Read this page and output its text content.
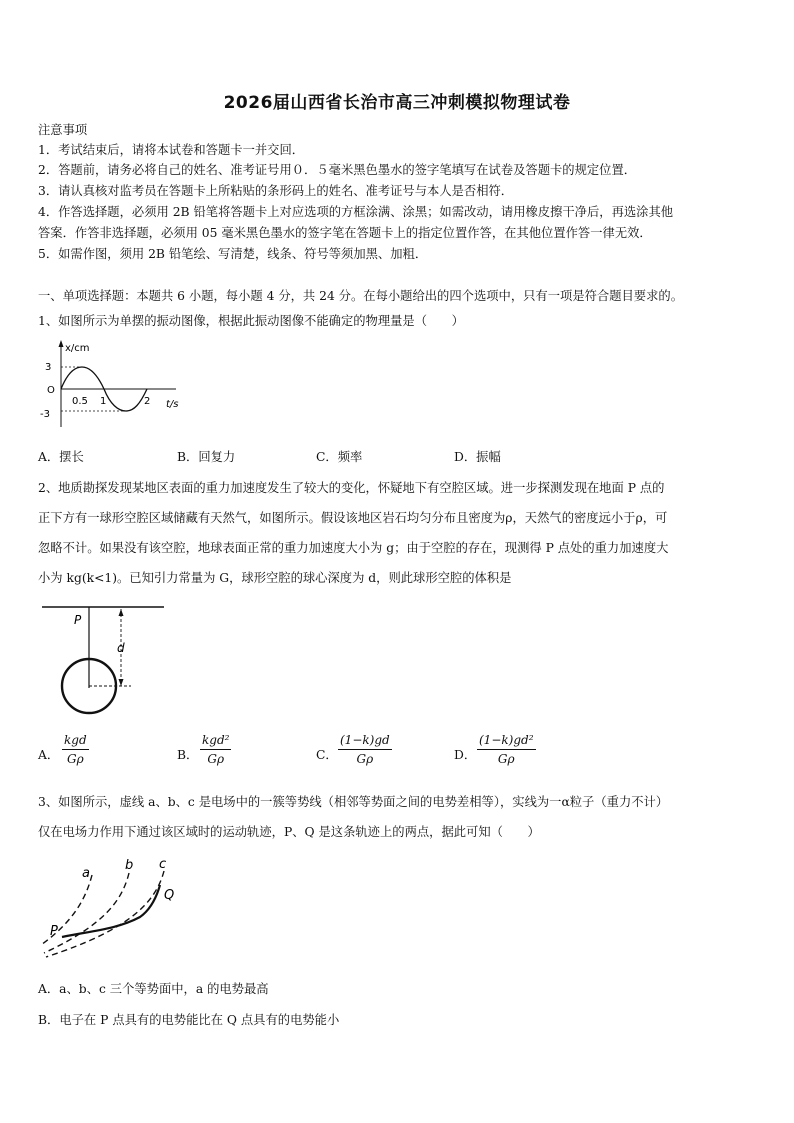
2026届山西省长治市高三冲刺模拟物理试卷
注意事项
1．考试结束后，请将本试卷和答题卡一并交回．
2．答题前，请务必将自己的姓名、准考证号用０．５毫米黑色墨水的签字笔填写在试卷及答题卡的规定位置．
3．请认真核对监考员在答题卡上所粘贴的条形码上的姓名、准考证号与本人是否相符．
4．作答选择题，必须用 2B 铅笔将答题卡上对应选项的方框涂满、涂黑；如需改动，请用橡皮擦干净后，再选涂其他
答案．作答非选择题，必须用 05 毫米黑色墨水的签字笔在答题卡上的指定位置作答，在其他位置作答一律无效．
5．如需作图，须用 2B 铅笔绘、写清楚，线条、符号等须加黑、加粗．
一、单项选择题：本题共 6 小题，每小题 4 分，共 24 分。在每小题给出的四个选项中，只有一项是符合题目要求的。
1、如图所示为单摆的振动图像，根据此振动图像不能确定的物理量是（　　）
x/cm
3
O
-3
0.5 1	2 t/s
A．摆长	B．回复力	C．频率	D．振幅
2、地质勘探发现某地区表面的重力加速度发生了较大的变化，怀疑地下有空腔区域。进一步探测发现在地面 P 点的
正下方有一球形空腔区域储藏有天然气，如图所示。假设该地区岩石均匀分布且密度为ρ，天然气的密度远小于ρ，可
忽略不计。如果没有该空腔，地球表面正常的重力加速度大小为 g；由于空腔的存在，现测得 P 点处的重力加速度大
小为 kg(k<1)。已知引力常量为 G，球形空腔的球心深度为 d，则此球形空腔的体积是
P
d
A．
kgd
Gρ	B．
kgd²
Gρ	C． $\frac{(1-k)gd}{G\rho}$	D． $\frac{\text{(1−k)gd²}}{G\rho}$
3、如图所示，虚线 a、b、c 是电场中的一簇等势线（相邻等势面之间的电势差相等），实线为一α粒子（重力不计）
仅在电场力作用下通过该区域时的运动轨迹，P、Q 是这条轨迹上的两点，据此可知（　　）
a
b c
P
Q
A．a、b、c 三个等势面中，a 的电势最高
B．电子在 P 点具有的电势能比在 Q 点具有的电势能小
